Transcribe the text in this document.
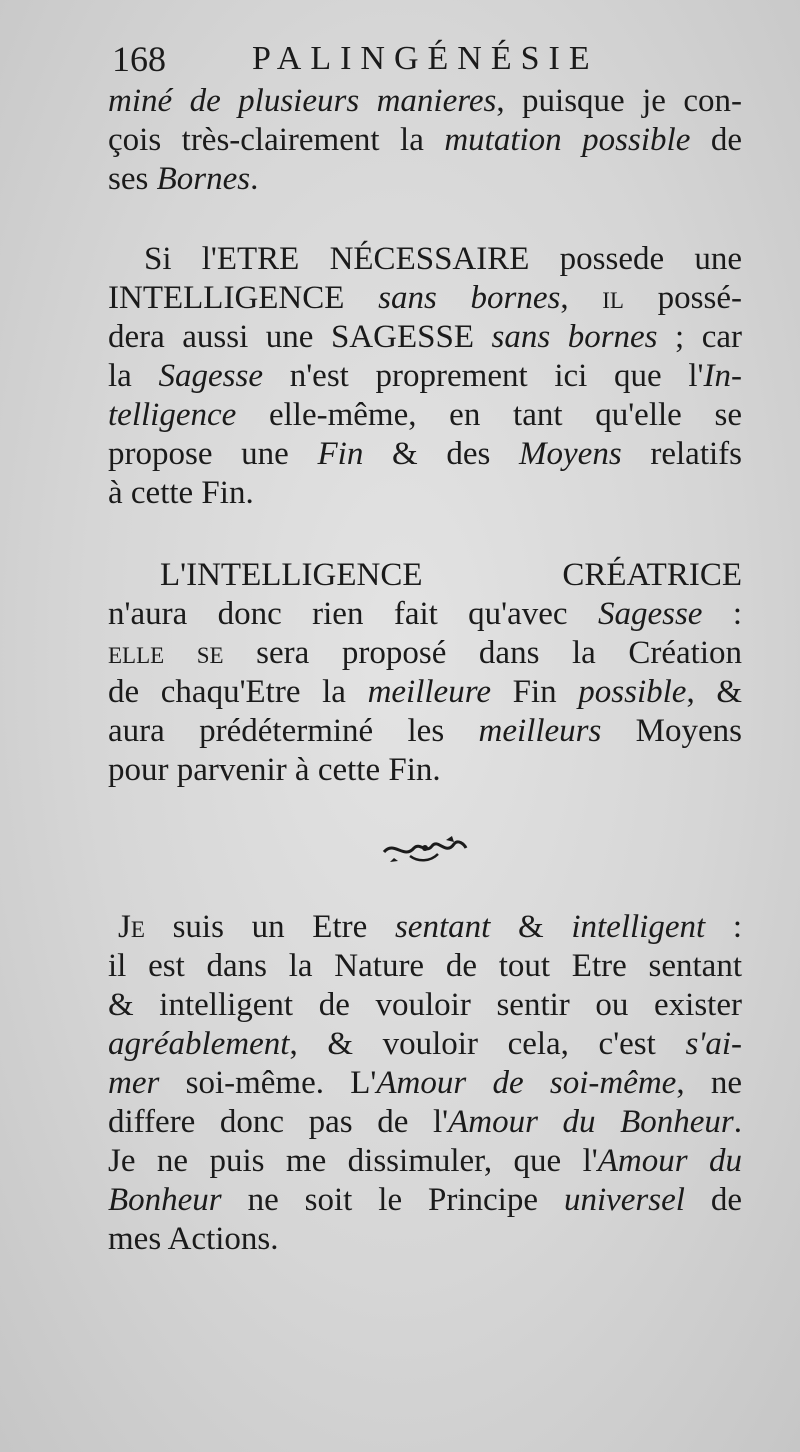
168	PALINGÉNÉSIE
miné de plusieurs manieres, puisque je con-
çois très-clairement la mutation possible de
ses Bornes.
Si l'ETRE NÉCESSAIRE possede une
INTELLIGENCE sans bornes, il possé-
dera aussi une SAGESSE sans bornes ; car
la Sagesse n'est proprement ici que l'In-
telligence elle-même, en tant qu'elle se
propose une Fin & des Moyens relatifs
à cette Fin.
L'INTELLIGENCE CRÉATRICE
n'aura donc rien fait qu'avec Sagesse :
elle se sera proposé dans la Création
de chaqu'Etre la meilleure Fin possible, &
aura prédéterminé les meilleurs Moyens
pour parvenir à cette Fin.
Je suis un Etre sentant & intelligent :
il est dans la Nature de tout Etre sentant
& intelligent de vouloir sentir ou exister
agréablement, & vouloir cela, c'est s'ai-
mer soi-même. L'Amour de soi-même, ne
differe donc pas de l'Amour du Bonheur.
Je ne puis me dissimuler, que l'Amour du
Bonheur ne soit le Principe universel de
mes Actions.
